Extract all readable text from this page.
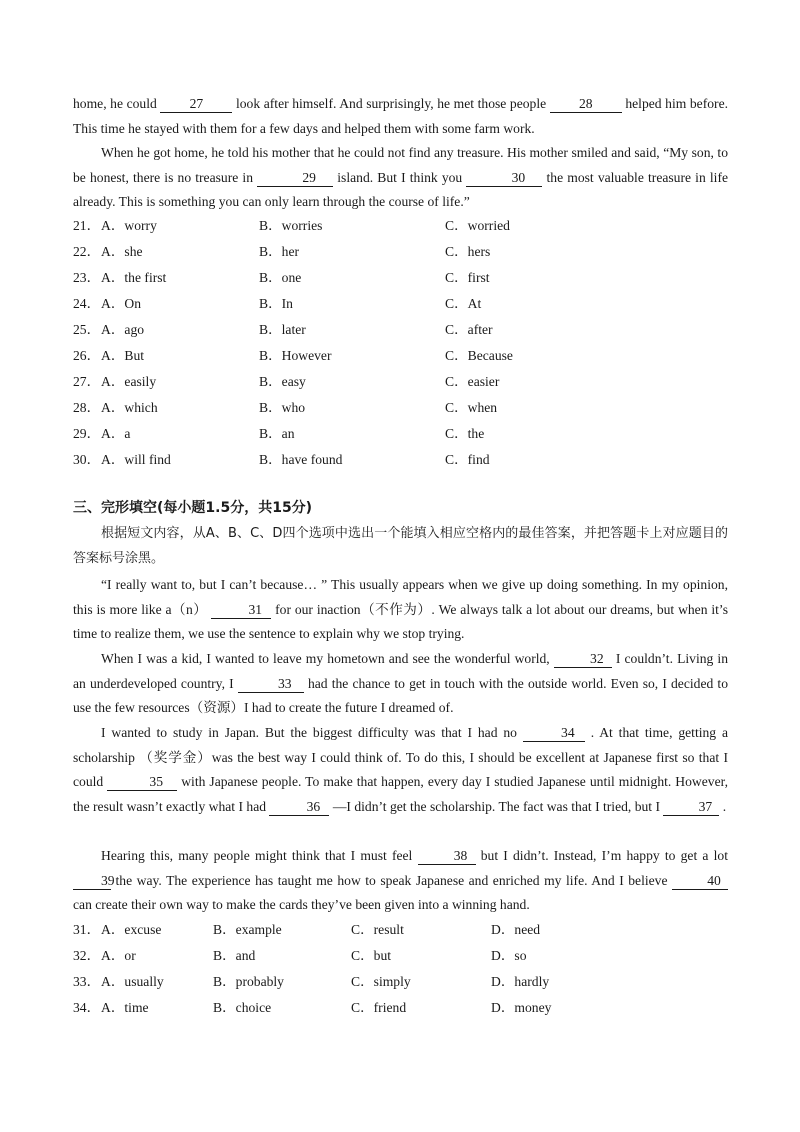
home, he could 27 look after himself. And surprisingly, he met those people 28 helped him before. This time he stayed with them for a few days and helped them with some farm work.

When he got home, he told his mother that he could not find any treasure. His mother smiled and said, “My son, to be honest, there is no treasure in	29 island. But I think you	30 the most valuable treasure in life already. This is something you can only learn through the course of life.”

21． A．worry	B．worries	C．worried
22． A．she	B．her	C．hers
23． A．the first	B．one	C．first
24． A．On	B．In	C．At
25． A．ago	B．later	C．after
26． A．But	B．However	C．Because
27． A．easily	B．easy	C．easier
28． A．which	B．who	C．when
29． A．a	B．an	C．the
30． A．will find	B．have found	C．find
三、完形填空(每小题1.5分，共15分)

根据短文内容，从A、B、C、D四个选项中选出一个能填入相应空格内的最佳答案，并把答题卡上对应题目的答案标号涂黑。

“I really want to, but I can’t because… ” This usually appears when we give up doing something. In my opinion, this is more like a（n）	31 for our inaction（不作为）. We always talk a lot about our dreams, but when it’s time to realize them, we use the sentence to explain why we stop trying.

When I was a kid, I wanted to leave my hometown and see the wonderful world,	32 I couldn’t. Living in an underdeveloped country, I	33 had the chance to get in touch with the outside world. Even so, I decided to use the few resources（资源）I had to create the future I dreamed of.

I wanted to study in Japan. But the biggest difficulty was that I had no	34 . At that time, getting a scholarship （奖学金）was the best way I could think of. To do this, I should be excellent at Japanese first so that I could	35 with Japanese people. To make that happen, every day I studied Japanese until midnight. However, the result wasn’t exactly what I had	36 —I didn’t get the scholarship. The fact was that I tried, but I	37 .

Hearing this, many people might think that I must feel	38 but I didn’t. Instead, I’m happy to get a lot 39 the way. The experience has taught me how to speak Japanese and enriched my life. And I believe	40 can create their own way to make the cards they’ve been given into a winning hand.

31． A．excuse	B．example	C．result	D．need
32． A．or	B．and	C．but	D．so
33． A．usually	B．probably	C．simply	D．hardly
34． A．time	B．choice	C．friend	D．money
